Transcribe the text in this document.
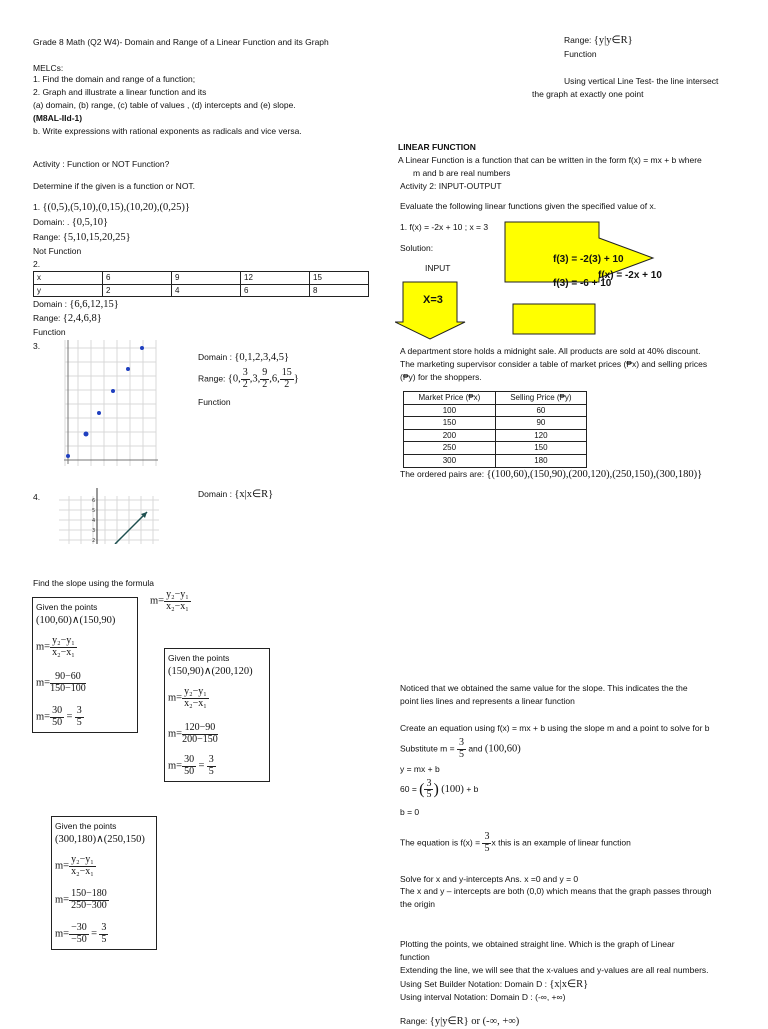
Grade 8 Math (Q2 W4)- Domain and Range of a Linear Function and its Graph
MELCs:
1. Find the domain and range of a function;
2. Graph and illustrate a linear function and its
(a) domain, (b) range, (c) table of values , (d) intercepts and (e) slope.
(M8AL-IId-1)
b. Write expressions with rational exponents as radicals and vice versa.
Activity : Function or NOT Function?
Determine if the given is a function or NOT.
1. {(0,5),(5,10),(0,15),(10,20),(0,25)}
Domain: . {0,5,10}
Range: {5,10,15,20,25}
Not Function
2.
x	6	9	12	15
y	2	4	6	8
Domain : {6,6,12,15}
Range: {2,4,6,8}
Function
3.
Domain : {0,1,2,3,4,5}
Range: {0, $\frac{3}{2} ,3$, $\frac{9}{2} ,6$, $\frac{15}{2}$ }
Function
4.	6
5
4
3
2
Domain : {x|x∈R}
Find the slope using the formula
$m= \frac{\text{y₂−y₁}}{\text{x₂−x₁}}$
Given the points
(100,60)∧(150,90)
$m= \frac{\text{y₂−y₁}}{\text{x₂−x₁}}$
$m= \frac{90-60}{150-100}$
$m= \frac{30}{50} = \frac{3}{5}$
Given the points
(150,90)∧(200,120)
$m= \frac{\text{y₂−y₁}}{\text{x₂−x₁}}$
$m= \frac{120-90}{200-150}$
$m= \frac{30}{50} = \frac{3}{5}$
Given the points
(300,180)∧(250,150)
$m= \frac{\text{y₂−y₁}}{\text{x₂−x₁}}$
$m= \frac{150-180}{250-300}$
$m= \frac{-30}{-50} = \frac{3}{5}$
Range: {y|y∈R}
Function
Using vertical Line Test- the line intersect
the graph at exactly one point
LINEAR FUNCTION
A Linear Function is a function that can be written in the form f(x) = mx + b where
m and b are real numbers
Activity 2: INPUT-OUTPUT
Evaluate the following linear functions given the specified value of x.
1. f(x) = -2x + 10 ; x = 3
Solution:
INPUT
X=3
f(3) = -2(3) + 10
f(x) = -2x + 10
f(3) = -6 + 10
A department store holds a midnight sale. All products are sold at 40% discount.
The marketing supervisor consider a table of market prices (₱x) and selling prices
(₱y) for the shoppers.
Market Price (₱x)	Selling Price (₱y)
100	60
150	90
200	120
250	150
300	180
The ordered pairs are: {(100,60),(150,90),(200,120),(250,150),(300,180)}
Noticed that we obtained the same value for the slope. This indicates the the
point lies lines and represents a linear function
Create an equation using f(x) = mx + b using the slope m and a point to solve for b
Substitute $m = \frac{3}{5}$ and (100,60)
y = mx + b
60 = ( $\frac{3}{5}$ ) (100) + b
b = 0
The equation is $f(x) = \frac{3}{5}$ x this is an example of linear function
Solve for x and y-intercepts Ans. x =0 and y = 0
The x and y – intercepts are both (0,0) which means that the graph passes through
the origin
Plotting the points, we obtained straight line. Which is the graph of Linear
function
Extending the line, we will see that the x-values and y-values are all real numbers.
Using Set Builder Notation: Domain D : {x|x∈R}
Using interval Notation: Domain D : (-∞, +∞)
Range: {y|y∈R} or (-∞, +∞)
